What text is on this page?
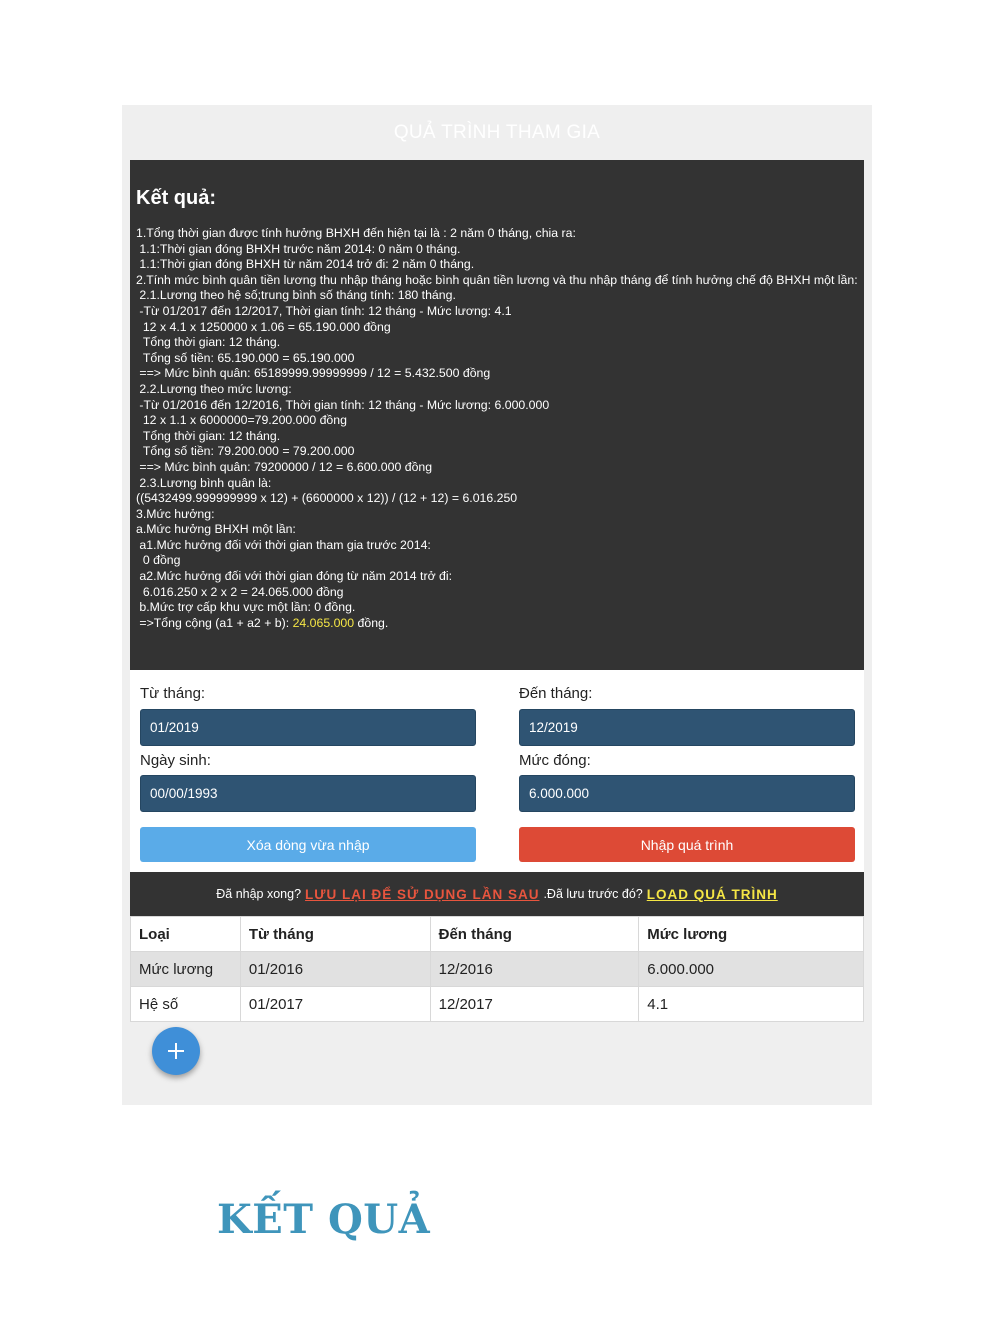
QUẢ TRÌNH THAM GIA
Kết quả:
1.Tổng thời gian được tính hưởng BHXH đến hiện tại là : 2 năm 0 tháng, chia ra:
1.1:Thời gian đóng BHXH trước năm 2014: 0 năm 0 tháng.
1.1:Thời gian đóng BHXH từ năm 2014 trở đi: 2 năm 0 tháng.
2.Tính mức bình quân tiền lương thu nhập tháng hoặc bình quân tiền lương và thu nhập tháng để tính hưởng chế độ BHXH một lần:
2.1.Lương theo hệ số;trung bình số tháng tính: 180 tháng.
-Từ 01/2017 đến 12/2017, Thời gian tính: 12 tháng - Mức lương: 4.1
12 x 4.1 x 1250000 x 1.06 = 65.190.000 đồng
Tổng thời gian: 12 tháng.
Tổng số tiền: 65.190.000 = 65.190.000
==> Mức bình quân: 65189999.99999999 / 12 = 5.432.500 đồng
2.2.Lương theo mức lương:
-Từ 01/2016 đến 12/2016, Thời gian tính: 12 tháng - Mức lương: 6.000.000
12 x 1.1 x 6000000=79.200.000 đồng
Tổng thời gian: 12 tháng.
Tổng số tiền: 79.200.000 = 79.200.000
==> Mức bình quân: 79200000 / 12 = 6.600.000 đồng
2.3.Lương bình quân là:
((5432499.999999999 x 12) + (6600000 x 12)) / (12 + 12) = 6.016.250
3.Mức hưởng:
a.Mức hưởng BHXH một lần:
a1.Mức hưởng đối với thời gian tham gia trước 2014:
0 đồng
a2.Mức hưởng đối với thời gian đóng từ năm 2014 trở đi:
6.016.250 x 2 x 2 = 24.065.000 đồng
b.Mức trợ cấp khu vực một lần: 0 đồng.
=>Tổng cộng (a1 + a2 + b): 24.065.000 đồng.
Từ tháng:
01/2019
Đến tháng:
12/2019
Ngày sinh:
00/00/1993
Mức đóng:
6.000.000
Xóa dòng vừa nhập	Nhập quá trình
Đã nhập xong? LƯU LẠI ĐỂ SỬ DỤNG LẦN SAU .Đã lưu trước đó? LOAD QUÁ TRÌNH
Loại	Từ tháng	Đến tháng	Mức lương
Mức lương	01/2016	12/2016	6.000.000
Hệ số	01/2017	12/2017	4.1
KẾT QUẢ
